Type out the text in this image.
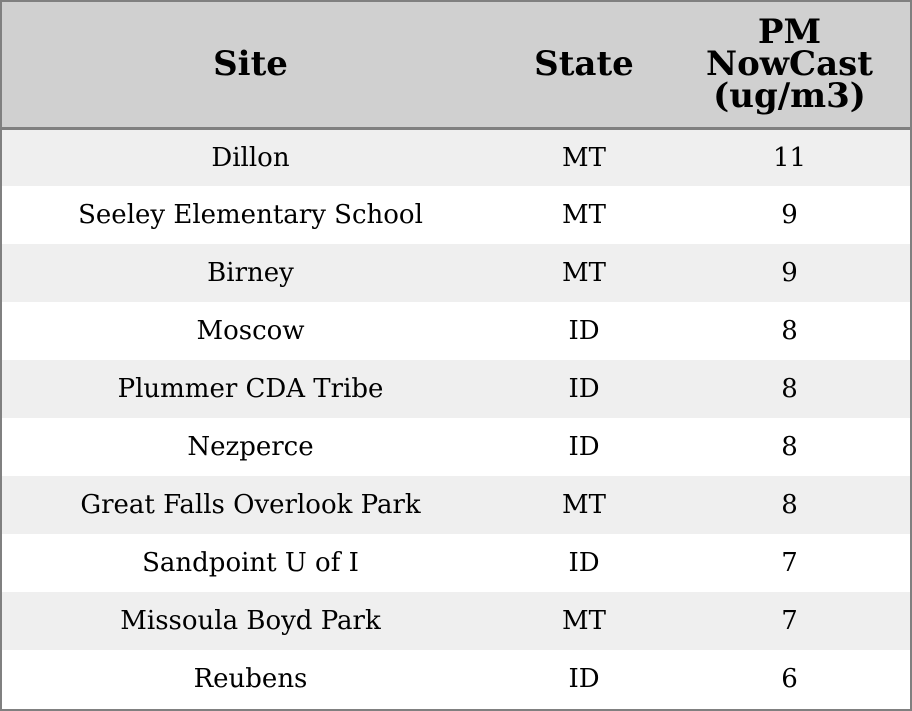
Site	State	PM
NowCast
(ug/m3)

Dillon	MT	11
Seeley Elementary School	MT	9
Birney	MT	9
Moscow	ID	8
Plummer CDA Tribe	ID	8
Nezperce	ID	8
Great Falls Overlook Park	MT	8
Sandpoint U of I	ID	7
Missoula Boyd Park	MT	7
Reubens	ID	6
